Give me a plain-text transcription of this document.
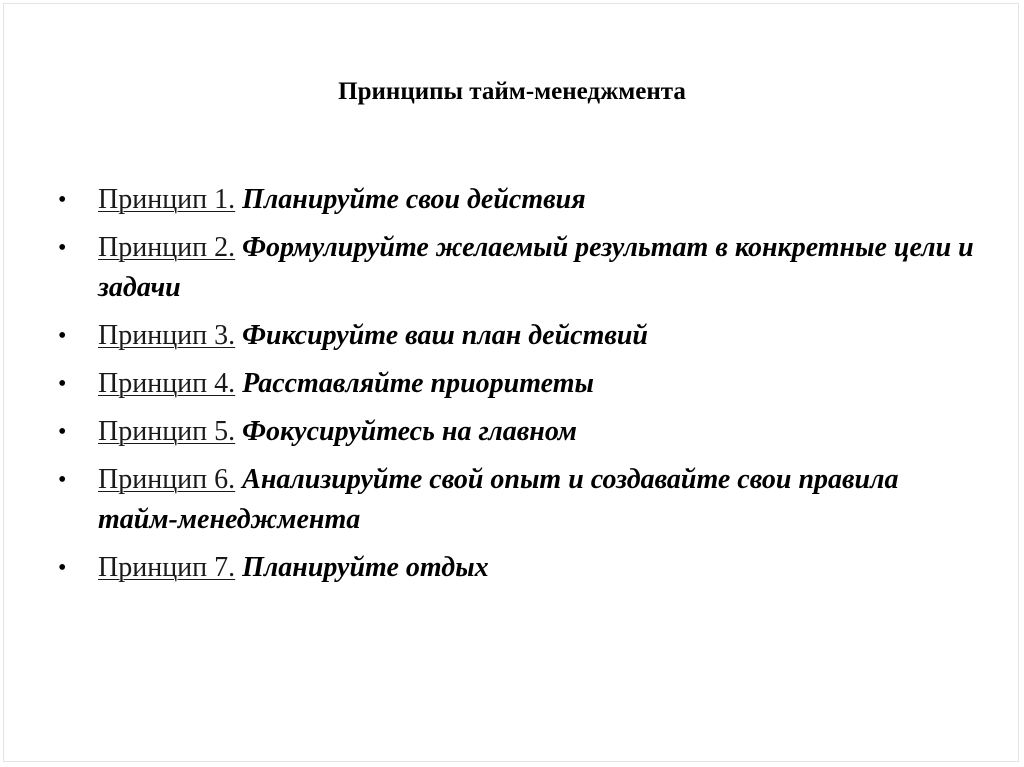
Принципы тайм-менеджмента
• Принцип 1. Планируйте свои действия
• Принцип 2. Формулируйте желаемый результат в конкретные цели и задачи
• Принцип 3. Фиксируйте ваш план действий
• Принцип 4. Расставляйте приоритеты
• Принцип 5. Фокусируйтесь на главном
• Принцип 6. Анализируйте свой опыт и создавайте свои правила тайм-менеджмента
• Принцип 7. Планируйте отдых
